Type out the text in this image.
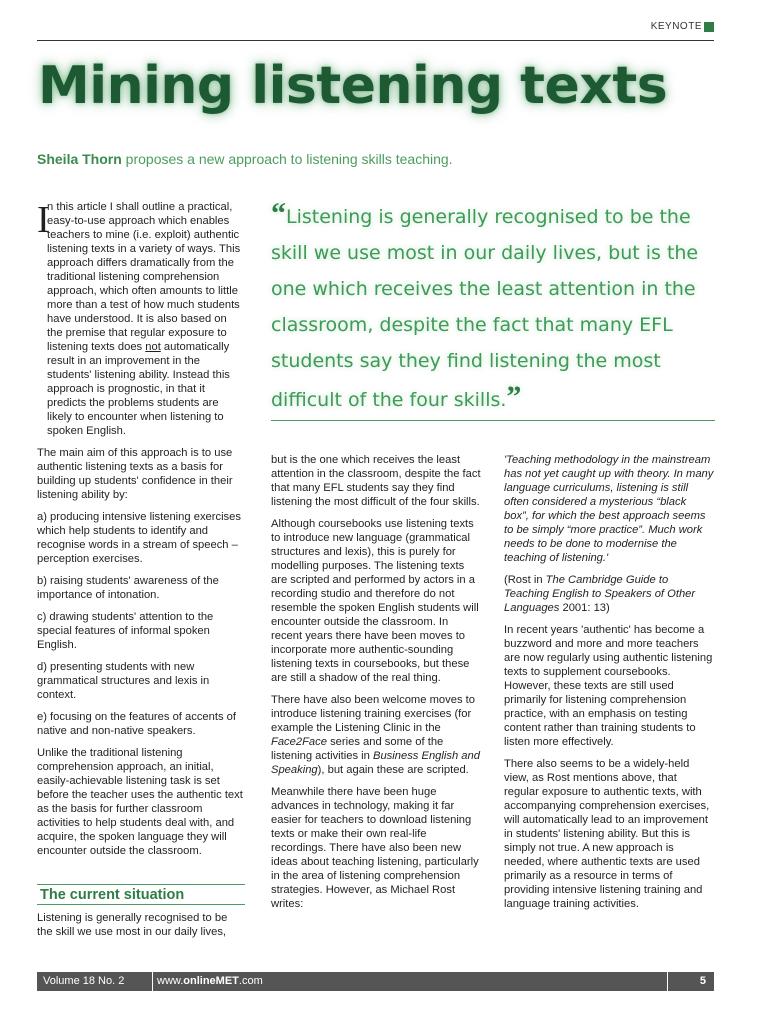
KEYNOTE
Mining listening texts
Sheila Thorn proposes a new approach to listening skills teaching.

I
n this article I shall outline a practical, easy-to-use approach which enables teachers to mine (i.e. exploit) authentic listening texts in a variety of ways. This approach differs dramatically from the traditional listening comprehension approach, which often amounts to little more than a test of how much students have understood. It is also based on the premise that regular exposure to listening texts does not automatically result in an improvement in the students' listening ability. Instead this approach is prognostic, in that it predicts the problems students are likely to encounter when listening to spoken English.

The main aim of this approach is to use authentic listening texts as a basis for building up students' confidence in their listening ability by:

a) producing intensive listening exercises which help students to identify and recognise words in a stream of speech – perception exercises.

b) raising students' awareness of the importance of intonation.

c) drawing students' attention to the special features of informal spoken English.

d) presenting students with new grammatical structures and lexis in context.

e) focusing on the features of accents of native and non-native speakers.

Unlike the traditional listening comprehension approach, an initial, easily-achievable listening task is set before the teacher uses the authentic text as the basis for further classroom activities to help students deal with, and acquire, the spoken language they will encounter outside the classroom.

The current situation

Listening is generally recognised to be the skill we use most in our daily lives,

“Listening is generally recognised to be the skill we use most in our daily lives, but is the one which receives the least attention in the classroom, despite the fact that many EFL students say they find listening the most difficult of the four skills.”

but is the one which receives the least attention in the classroom, despite the fact that many EFL students say they find listening the most difficult of the four skills.

Although coursebooks use listening texts to introduce new language (grammatical structures and lexis), this is purely for modelling purposes. The listening texts are scripted and performed by actors in a recording studio and therefore do not resemble the spoken English students will encounter outside the classroom. In recent years there have been moves to incorporate more authentic-sounding listening texts in coursebooks, but these are still a shadow of the real thing.

There have also been welcome moves to introduce listening training exercises (for example the Listening Clinic in the Face2Face series and some of the listening activities in Business English and Speaking), but again these are scripted.

Meanwhile there have been huge advances in technology, making it far easier for teachers to download listening texts or make their own real-life recordings. There have also been new ideas about teaching listening, particularly in the area of listening comprehension strategies. However, as Michael Rost writes:

'Teaching methodology in the mainstream has not yet caught up with theory. In many language curriculums, listening is still often considered a mysterious “black box”, for which the best approach seems to be simply “more practice”. Much work needs to be done to modernise the teaching of listening.'

(Rost in The Cambridge Guide to Teaching English to Speakers of Other Languages 2001: 13)

In recent years 'authentic' has become a buzzword and more and more teachers are now regularly using authentic listening texts to supplement coursebooks. However, these texts are still used primarily for listening comprehension practice, with an emphasis on testing content rather than training students to listen more effectively.

There also seems to be a widely-held view, as Rost mentions above, that regular exposure to authentic texts, with accompanying comprehension exercises, will automatically lead to an improvement in students' listening ability. But this is simply not true. A new approach is needed, where authentic texts are used primarily as a resource in terms of providing intensive listening training and language training activities.

Volume 18 No. 2	www.onlineMET.com	5
